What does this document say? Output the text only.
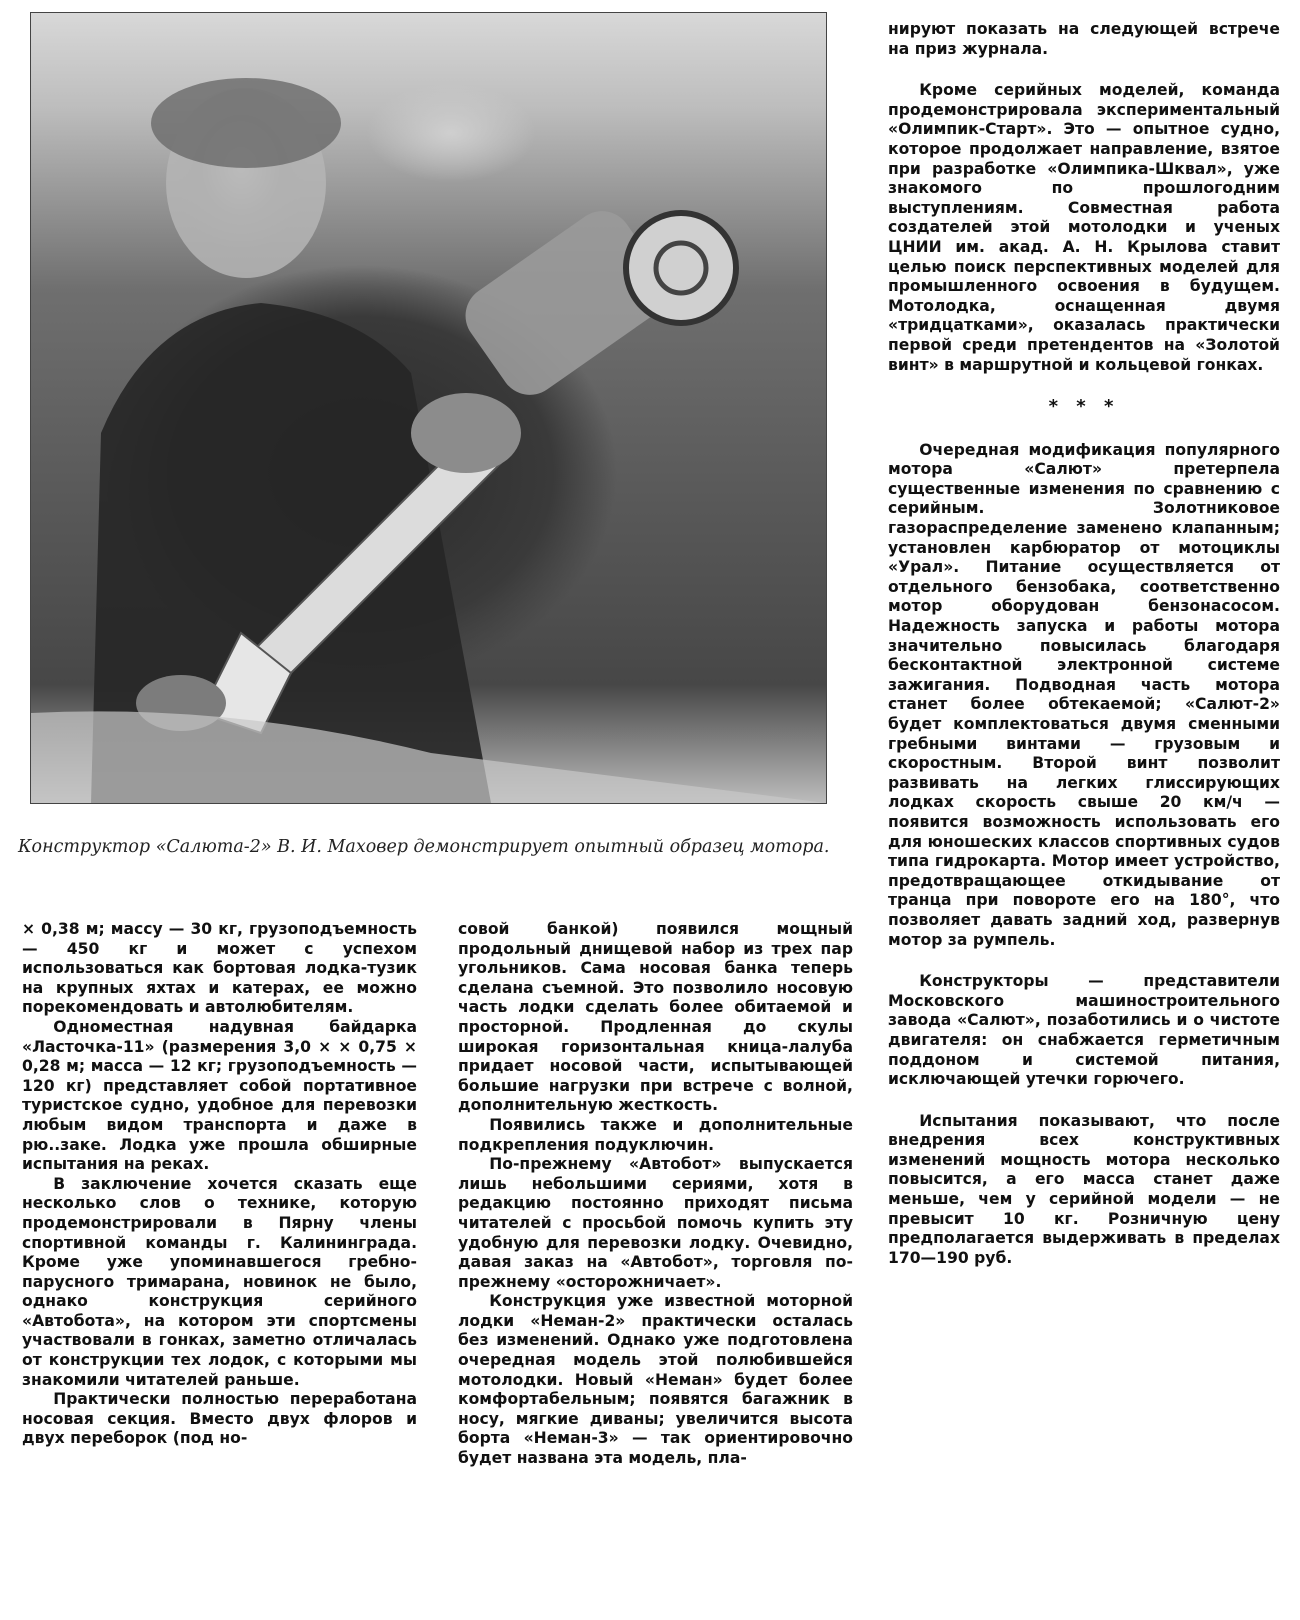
Конструктор «Салюта-2» В. И. Маховер демонстрирует опытный образец мотора.

× 0,38 м; массу — 30 кг, грузоподъемность — 450 кг и может с успехом использоваться как бортовая лодка-тузик на крупных яхтах и катерах, ее можно порекомендовать и автолюбителям.

Одноместная надувная байдарка «Ласточка-11» (размерения 3,0 × × 0,75 × 0,28 м; масса — 12 кг; грузоподъемность — 120 кг) представляет собой портативное туристское судно, удобное для перевозки любым видом транспорта и даже в рю..заке. Лодка уже прошла обширные испытания на реках.

В заключение хочется сказать еще несколько слов о технике, которую продемонстрировали в Пярну члены спортивной команды г. Калининграда. Кроме уже упоминавшегося гребно-парусного тримарана, новинок не было, однако конструкция серийного «Автобота», на котором эти спортсмены участвовали в гонках, заметно отличалась от конструкции тех лодок, с которыми мы знакомили читателей раньше.

Практически полностью переработана носовая секция. Вместо двух флоров и двух переборок (под но-

совой банкой) появился мощный продольный днищевой набор из трех пар угольников. Сама носовая банка теперь сделана съемной. Это позволило носовую часть лодки сделать более обитаемой и просторной. Продленная до скулы широкая горизонтальная кница-лалуба придает носовой части, испытывающей большие нагрузки при встрече с волной, дополнительную жесткость.

Появились также и дополнительные подкрепления подуключин.

По-прежнему «Автобот» выпускается лишь небольшими сериями, хотя в редакцию постоянно приходят письма читателей с просьбой помочь купить эту удобную для перевозки лодку. Очевидно, давая заказ на «Автобот», торговля по-прежнему «осторожничает».

Конструкция уже известной моторной лодки «Неман-2» практически осталась без изменений. Однако уже подготовлена очередная модель этой полюбившейся мотолодки. Новый «Неман» будет более комфортабельным; появятся багажник в носу, мягкие диваны; увеличится высота борта «Неман-3» — так ориентировочно будет названа эта модель, пла-

нируют показать на следующей встрече на приз журнала.

Кроме серийных моделей, команда продемонстрировала экспериментальный «Олимпик-Старт». Это — опытное судно, которое продолжает направление, взятое при разработке «Олимпика-Шквал», уже знакомого по прошлогодним выступлениям. Совместная работа создателей этой мотолодки и ученых ЦНИИ им. акад. А. Н. Крылова ставит целью поиск перспективных моделей для промышленного освоения в будущем. Мотолодка, оснащенная двумя «тридцатками», оказалась практически первой среди претендентов на «Золотой винт» в маршрутной и кольцевой гонках.

* * *

Очередная модификация популярного мотора «Салют» претерпела существенные изменения по сравнению с серийным. Золотниковое газораспределение заменено клапанным; установлен карбюратор от мотоциклы «Урал». Питание осуществляется от отдельного бензобака, соответственно мотор оборудован бензонасосом. Надежность запуска и работы мотора значительно повысилась благодаря бесконтактной электронной системе зажигания. Подводная часть мотора станет более обтекаемой; «Салют-2» будет комплектоваться двумя сменными гребными винтами — грузовым и скоростным. Второй винт позволит развивать на легких глиссирующих лодках скорость свыше 20 км/ч — появится возможность использовать его для юношеских классов спортивных судов типа гидрокарта. Мотор имеет устройство, предотвращающее откидывание от транца при повороте его на 180°, что позволяет давать задний ход, развернув мотор за румпель.

Конструкторы — представители Московского машиностроительного завода «Салют», позаботились и о чистоте двигателя: он снабжается герметичным поддоном и системой питания, исключающей утечки горючего.

Испытания показывают, что после внедрения всех конструктивных изменений мощность мотора несколько повысится, а его масса станет даже меньше, чем у серийной модели — не превысит 10 кг. Розничную цену предполагается выдерживать в пределах 170—190 руб.
